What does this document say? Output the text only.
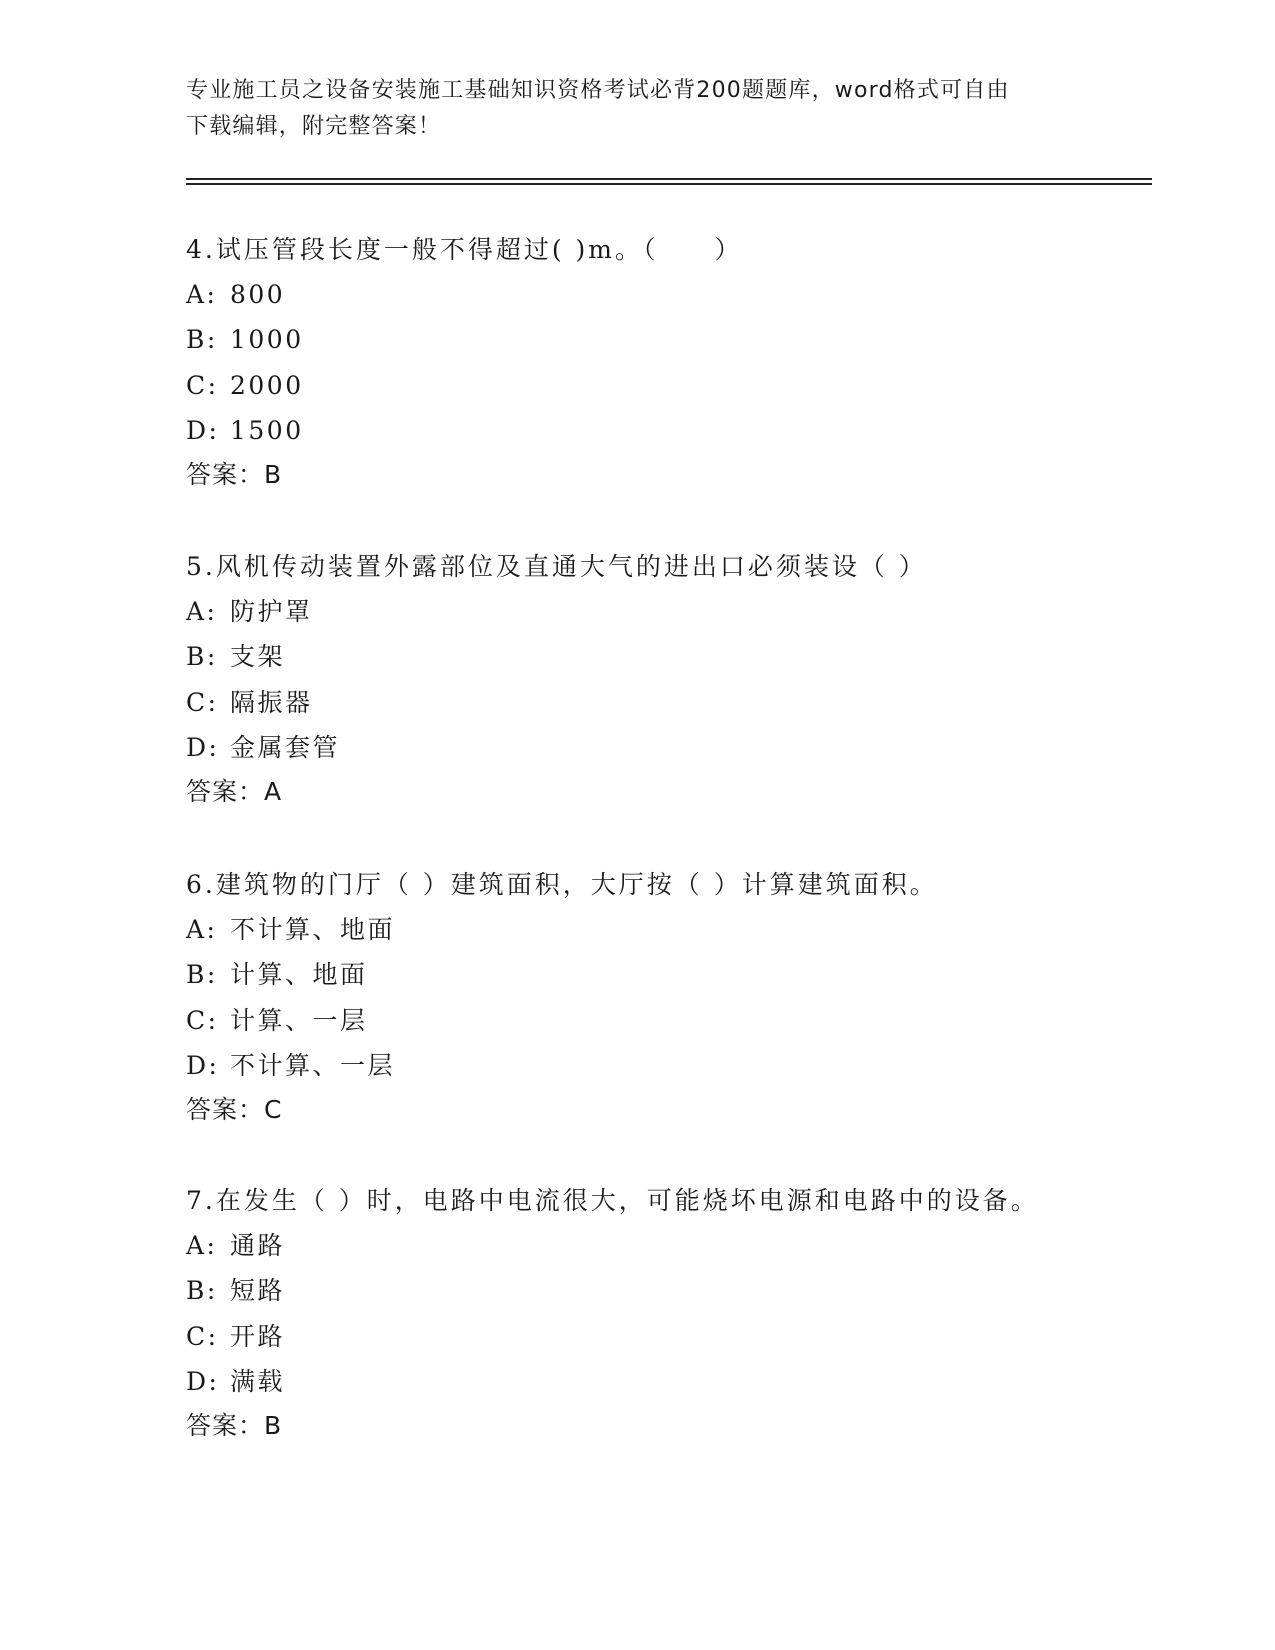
专业施工员之设备安装施工基础知识资格考试必背200题题库，word格式可自由
下载编辑，附完整答案！
4.试压管段长度一般不得超过( )m。（　　）
A: 800
B: 1000
C: 2000
D: 1500
答案：B
5.风机传动装置外露部位及直通大气的进出口必须装设（ ）
A: 防护罩
B: 支架
C: 隔振器
D: 金属套管
答案：A
6.建筑物的门厅（ ）建筑面积，大厅按（ ）计算建筑面积。
A: 不计算、地面
B: 计算、地面
C: 计算、一层
D: 不计算、一层
答案：C
7.在发生（ ）时，电路中电流很大，可能烧坏电源和电路中的设备。
A: 通路
B: 短路
C: 开路
D: 满载
答案：B
